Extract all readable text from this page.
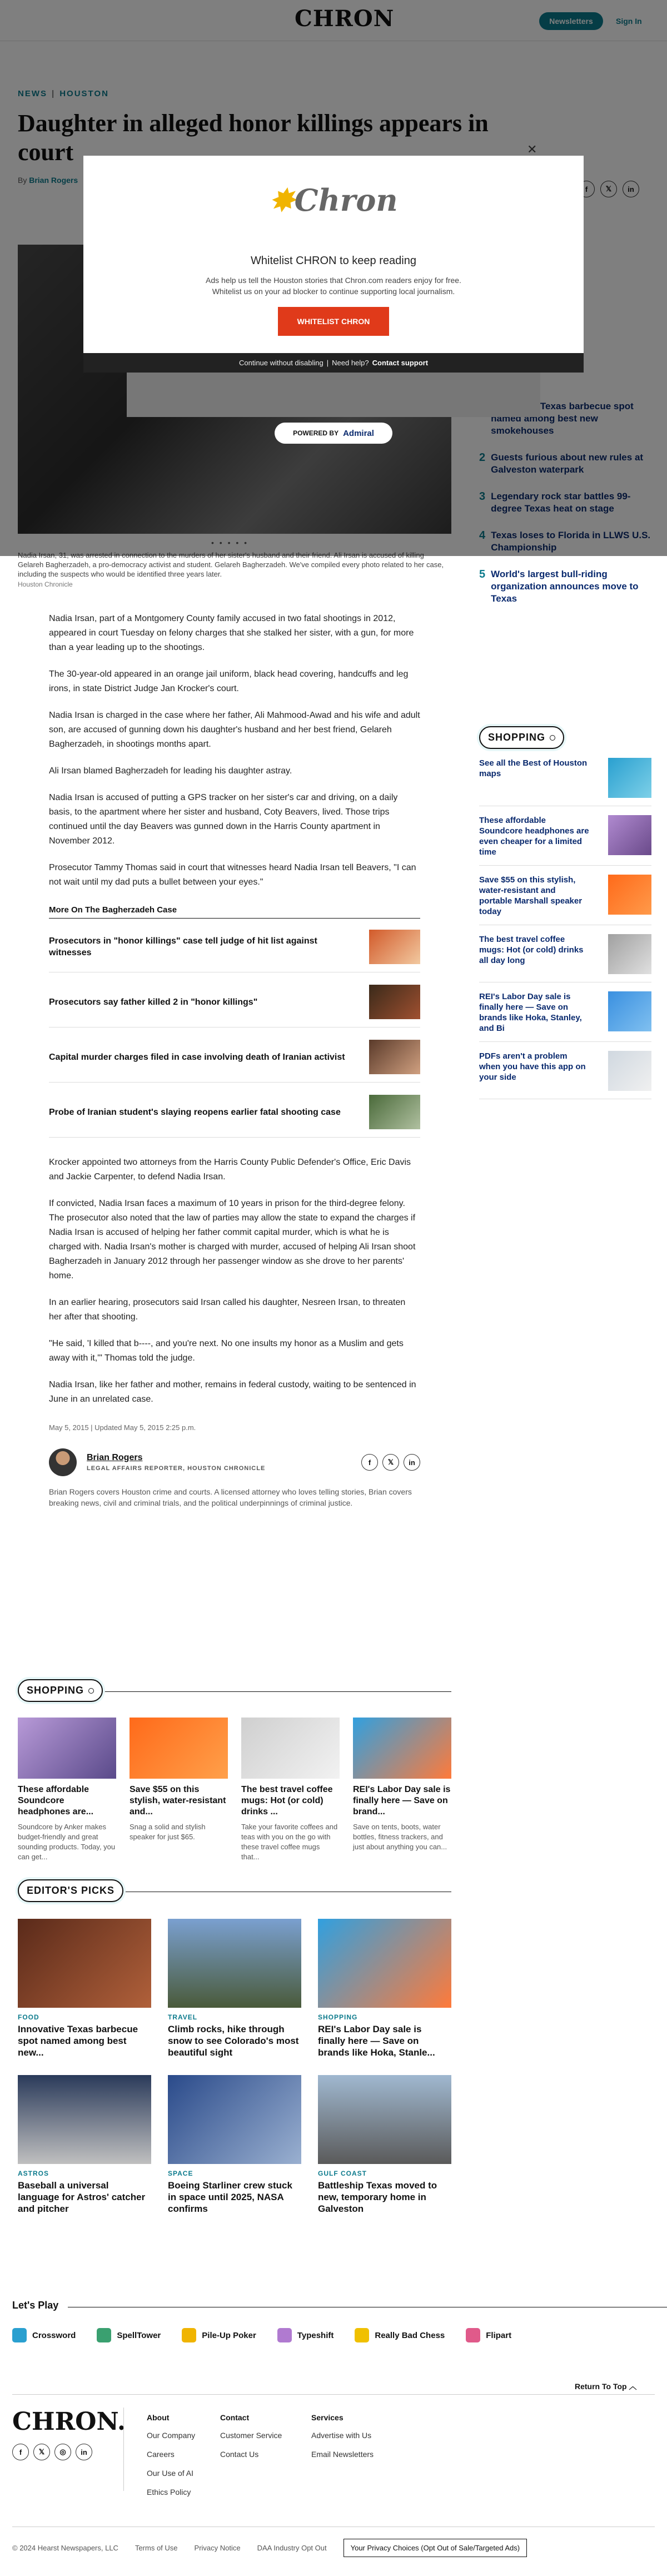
Gelareh Bagherzadeh, a pro-democracy activist and student. Gelareh Bagherzadeh. We've compiled every photo related to her case, including the suspects who would be identified three years later.
Houston Chronicle
5 World's largest bull-riding organization announces move to Texas

Nadia Irsan, part of a Montgomery County family accused in two fatal shootings in 2012, appeared in court Tuesday on felony charges that she stalked her sister, with a gun, for more than a year leading up to the shootings.

The 30-year-old appeared in an orange jail uniform, black head covering, handcuffs and leg irons, in state District Judge Jan Krocker's court.

Nadia Irsan is charged in the case where her father, Ali Mahmood-Awad and his wife and adult son, are accused of gunning down his daughter's husband and her best friend, Gelareh Bagherzadeh, in shootings months apart.

Ali Irsan blamed Bagherzadeh for leading his daughter astray.

Nadia Irsan is accused of putting a GPS tracker on her sister's car and driving, on a daily basis, to the apartment where her sister and husband, Coty Beavers, lived. Those trips continued until the day Beavers was gunned down in the Harris County apartment in November 2012.

Prosecutor Tammy Thomas said in court that witnesses heard Nadia Irsan tell Beavers, "I can not wait until my dad puts a bullet between your eyes."

More On The Bagherzadeh Case
Prosecutors in "honor killings" case tell judge of hit list against witnesses
Prosecutors say father killed 2 in "honor killings"
Capital murder charges filed in case involving death of Iranian activist
Probe of Iranian student's slaying reopens earlier fatal shooting case

Krocker appointed two attorneys from the Harris County Public Defender's Office, Eric Davis and Jackie Carpenter, to defend Nadia Irsan.

If convicted, Nadia Irsan faces a maximum of 10 years in prison for the third-degree felony. The prosecutor also noted that the law of parties may allow the state to expand the charges if Nadia Irsan is accused of helping her father commit capital murder, which is what he is charged with. Nadia Irsan's mother is charged with murder, accused of helping Ali Irsan shoot Bagherzadeh in January 2012 through her passenger window as she drove to her parents' home.

In an earlier hearing, prosecutors said Irsan called his daughter, Nesreen Irsan, to threaten her after that shooting.

"He said, 'I killed that b----, and you're next. No one insults my honor as a Muslim and gets away with it,'" Thomas told the judge.

Nadia Irsan, like her father and mother, remains in federal custody, waiting to be sentenced in June in an unrelated case.

May 5, 2015 | Updated May 5, 2015 2:25 p.m.
Brian Rogers
LEGAL AFFAIRS REPORTER, HOUSTON CHRONICLE
f	𝕏	in
Brian Rogers covers Houston crime and courts. A licensed attorney who loves telling stories, Brian covers breaking news, civil and criminal trials, and the political underpinnings of criminal justice.
SHOPPING
See all the Best of Houston maps
These affordable Soundcore headphones are even cheaper for a limited time
Save $55 on this stylish, water-resistant and portable Marshall speaker today
The best travel coffee mugs: Hot (or cold) drinks all day long
REI's Labor Day sale is finally here — Save on brands like Hoka, Stanley, and Bi
PDFs aren't a problem when you have this app on your side
SHOPPING
These affordable Soundcore headphones are...
Soundcore by Anker makes budget-friendly and great sounding products. Today, you can get...
Save $55 on this stylish, water-resistant and...
Snag a solid and stylish speaker for just $65.
The best travel coffee mugs: Hot (or cold) drinks ...
Take your favorite coffees and teas with you on the go with these travel coffee mugs that...
REI's Labor Day sale is finally here — Save on brand...
Save on tents, boots, water bottles, fitness trackers, and just about anything you can...
EDITOR'S PICKS
FOOD
Innovative Texas barbecue spot named among best new...
TRAVEL
Climb rocks, hike through snow to see Colorado's most beautiful sight
SHOPPING
REI's Labor Day sale is finally here — Save on brands like Hoka, Stanle...
ASTROS
Baseball a universal language for Astros' catcher and pitcher
SPACE
Boeing Starliner crew stuck in space until 2025, NASA confirms
GULF COAST
Battleship Texas moved to new, temporary home in Galveston
Let's Play
Crossword	SpellTower	Pile-Up Poker	Typeshift	Really Bad Chess	Flipart
Return To Top ︿
CHRON.
f	𝕏	◎	in
About
Our Company
Careers
Our Use of AI
Ethics Policy
Contact
Customer Service
Contact Us
Services
Advertise with Us
Email Newsletters
© 2024 Hearst Newspapers, LLC Terms of Use Privacy Notice DAA Industry Opt Out	Your Privacy Choices (Opt Out of Sale/Targeted Ads)
✸Chron
Whitelist CHRON to keep reading
Ads help us tell the Houston stories that Chron.com readers enjoy for free.
Whitelist us on your ad blocker to continue supporting local journalism.
WHITELIST CHRON
Continue without disabling | Need help? Contact support
✕
POWERED BY Admiral
